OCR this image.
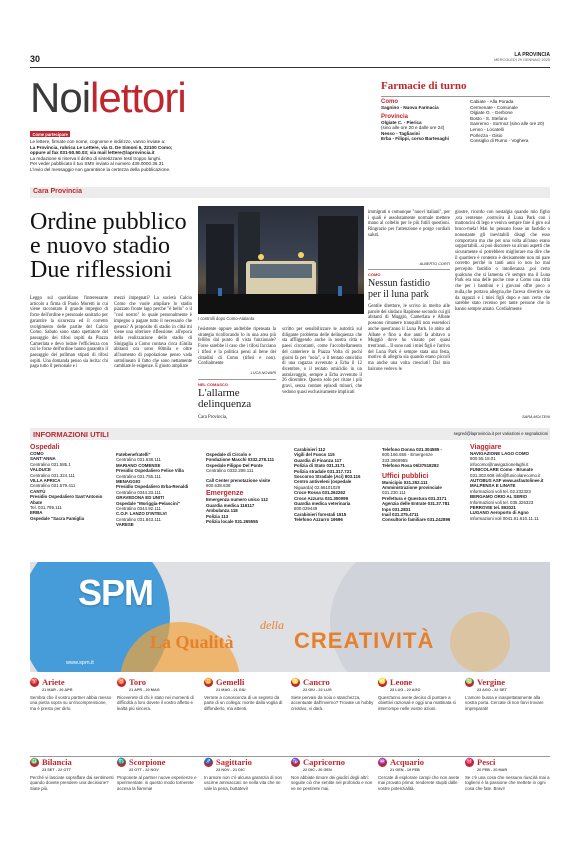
30	LA PROVINCIA
MERCOLEDÌ 29 GENNAIO 2025
Noilettori
Come partecipare
Le lettere, firmate con nome, cognome e indirizzo, vanno inviate a:
La Provincia, rubrica Le Lettere, via G. De Simoni 6, 22100 Como;
oppure al fax 031-50.50.03; via mail lettere@laprovincia.it
La redazione si riserva il diritto di sintetizzarei testi troppo lunghi.
Per veder pubblicato il tuo SMS inviato al numero 439.0000.36.31
L'invio del messaggio non garantisce la certezza della pubblicazione.
Farmacie di turno
Como
Sagnino - Nuova Farmacia
Provincia
Olgiate C. - Pierica
(sino alle ore 20 e dalle ore 24)
Nesso - Tagliavini
Erba - Filippi, corso Bartesaghi
Cabiate - Alla Porada
Cermenate - Comunale
Olgiate O. - Gerbone
Bosto - S. Stefano
Sanremo - Sormoz (sino alle ore 20)
Lenno - Locatelli
Porlezza - Gisio
Consiglio di Rumo - Voghera
Cara Provincia
Ordine pubblico
e nuovo stadio
Due riflessioni
I controlli dopo Como-Atalanta
Leggo sul quotidiano l'interessante articolo a firma di Paolo Moretti in cui viene raccontato il grande impegno di forze dell'ordine e personale sanitario per garantire la sicurezza ed il corretto svolgimento delle partite del Calcio Como. Sabato sono stato spettatore del passaggio dei tifosi ospiti da Piazza Camerlata e devo lodare l'efficienza con cui le forze dell'ordine hanno garantito il passaggio dei pullman stipati di tifosi ospiti. Una domanda penso sia lecita: chi paga tutto il personale e i
mezzi impegnati? La società Calcio Como che vuole ampliare lo stadio piazzato fronte lago perche "è bello" o il "così nostro" lo quale personalmente è impegno a pagare tutto il necessario che genera? A proposito di stadio in città mi viene una ulteriore riflessione: all'epoca della realizzazione dello stadio di Sinigaglia a Como contava circa 45mila abitanti ora sono 80mila e oltre all'aumento di popolazione penso vada sottolineato il fatto che sono nettamente cambiate le esigenze. È giusto ampliare
l'esistente oppure andrebbe ripensata la strategia ricollocando lo in una area più fellibo dal punto di vista funzionale? Forse sarebbe il caso che i tifosi facciano i tifosi e la politica pensi al bene dei cittadini di Como (tifosi e non). Cordialmente
LUCA NOVARI
NEL COMASCO
L'allarme
delinquenza
Cara Provincia,
scritto per sensibilizzare le autorità sul diligante problema delle delinquenza che sta affliggendo anche la nostra città e paesi circostanti, come l'accoltellamento del cameriere in Piazza Volta di pochi giorni fa per "noia", o il tentato omicidio di una ragazza avvenuto a Erba il 12 dicembre, o il tentato omicidio in un autolavaggio, sempre a Erba avvenuto il 26 dicembre. Questo solo per citare i più gravi, senza contare episodi minori, che vedono quasi esclusivamente implicati
immigrati o comunque "nuovi italiani", per i quali è assolutamente normale mettere mano al coltello per le più futili questioni. Ringrazio per l'attenzione e porgo cordiali saluti.
ALBERTO CORTI
COMO
Nessun fastidio
per il luna park
Gentile direttore, le scrivo in merito alle parole del sindaco Rapinese secondo cui gli abitanti di Muggiò, Camerlata e Albate possono rimanere tranquilli non essendoci anche quest'anno il Luna Park. Io abito ad Albate e fino a due anni fa abitavo a Muggiò dove ho vissuto per quasi trent'anni... Il sono nati i miei figli e l'arrivo del Luna Park è sempre stata una festa, motivo di allegria sia quando erano piccoli ma anche una volta cresciuti! Dal mio balcone vedevo le
giostre, ricordo con nostalgia quando mio figlio ,ora ventenne ,costruiva il Luna Park con i mattoncini di lego e veniva sempre fare il giro sul bruco-mela! Mai ho pensato fosse un fastidio o nonostante gli inevitabili disagi che esso comportava ma che per una volta all'anno erano sopportabili...si può discutere su alcuni aspetti che sicuramente si potrebbero migliorare ma dire che il quartiere è contento è decisamente non mi pare corretto perché in tanti anni io non ho mai percepito fastidio o intolleranza ,poi certo qualcuno che si lamenta c'è sempre ma il Luna Park era una delle poche cose a Como una città che per i bambini e i giovani offre poco o nulla,che portava allegria,che faceva divertire sia da ragazzi e i miei figli dopo e non certo che sarebbe stato recenso per tante persone che lo hanno sempre amato. Cordialmente
SARA MOLTENI
INFORMAZIONI UTILI	segred@laprovincia.it per variazioni e segnalazioni
Ospedali
COMO
SANT'ANNA
Centralino 031.585.1
VALDUCE
Centralino 031.324.111
VILLA APRICA
Centralino 031.579.411
CANTÙ
Presidio Ospedaliero Sant'Antonio
Abate
Tel. 031.799.111
ERBA
Ospedale "Sacra Famiglia
Fatebenefratelli"
Centralino 031.638.111
MARIANO COMENSE
Presidio Ospedaliero Felice Villa
Centralino 031.755.111
MENAGGIO
Presidio Ospedaliero Erba-Renaldi
Centralino 0344.33.111
GRAVEDONA ED UNITI
Ospedale "Moriggia-Pelascini"
Centralino 0344.92.111
C.O.F. LANZO D'INTELVI
Centralino 031.843.111
VARESE
Ospedale di Circolo e
Fondazione Macchi 0332.278.111
Ospedale Filippo Del Ponte
Centralino 0332.299.111
Call Center prenotazione visite
800.638.638
Emergenze
Emergenza numero unico 112
Guardia medica 116117
Ambulanza 118
Polizia 113
Polizia locale 031.265555
Carabinieri 112
Vigili del Fuoco 115
Guardia di Finanza 117
Polizia di Stato 031.3171
Polizia stradale 031.317.721
Soccorso Stradale (Aci) 803.116
Centro antiveleni (ospedale
Niguarda) 02.66101029
Croce Rossa 031.262262
Croce Azzurra 031.300099
Guardia medica veterinaria
800.029449
Carabinieri forestali 1515
Telefono Azzurro 19696
Telefono Donna 031.304585 -
800.166.656 - Emergenze
333.3969955
Telefono Rosa 06/37518282
Uffici pubblici
Municipio 031.252.111
Amministrazione provinciale
031.230.111
Prefettura e Questura 031.3171
Agenzia delle Entrate 031.37.781
Inps 031.2831
Inail 031.375.4711
Consultorio familiare 031.242896
Viaggiare
NAVIGAZIONE LAGO COMO
800.55.18.01
infocomo@navigazionelaghi.it
FUNICOLARE Como - Brunate
031.303.608 info@funicolarecomo.it
AUTOBUS ASF www.asfautolinee.it
MALPENSA E LINATE
Informazioni voli tel. 02.232323
BERGAMO ORIO AL SERIO
Informazioni voli tel. 035.326323
FERROVIE tel. 892021
LUGANO Aeroporto di Agno
informazioni voli 0041.91.610.11.11
SPM
La Qualità
della
CREATIVITÀ
www.spm.it
♈ Ariete
21 MAR - 20 APR
Sembra che il vostro partner abbia messo una pietra sopra su un'incomprensione, ma è presto per dirlo.
♉ Toro
21 APR - 20 MAG
Riceverete di chi è stato nei momenti di difficoltà a loro dovete il vostro affetto e lealtà più sincera.
♊ Gemelli
21 MAG - 21 GIU
Verrete a conoscenza di un segreto da parte di un collega: morite dalla voglia di diffonderlo, ma attenti.
♋ Cancro
22 GIU - 22 LUG
Siete pervasi da noia e stanchezza, accentuate dall'inverno? Trovate un hobby creativo, vi darà.
♌ Leone
23 LUG - 22 AGO
Quest'anno avete deciso di puntare a obiettivi razionali e oggi una mattinata si interrompe nelle vostre azioni.
♍ Vergine
23 AGO - 22 SET
L'amore bussa e inaspettatamente alla vostra porta. Cercate di non farvi trovare impreparati!
♎ Bilancia
23 SET - 22 OTT
Perché vi lasciate sopraffare dai sentimenti quando dovete prendere una decisione? Siate più.
♏ Scorpione
23 OTT - 22 NOV
Proponete al partner nuove esperienze e sperimentate: in questo modo tornerete accesa la fiamma!
♐ Sagittario
23 NOV - 21 DIC
In amore non c'è alcuna garanzia di non uscirne ammaccati: se nella vita che ne vale la pena, buttatevi!
♑ Capricorno
22 DIC - 20 GEN
Non abbiate timore dei giudizi degli altri: seguite ciò che sentite nel profondo e non ve ne pentirete mai.
♒ Acquario
21 GEN - 19 FEB
Cercate di esplorare campi che non avete mai provato prima: renderete stupiti dalle vostre potenzialità.
♓ Pesci
20 FEB - 20 MAR
Se c'è una cosa che nessuno riuscirà mai a togliervi è la passione che mettete in ogni cosa che fate. Bravi!
